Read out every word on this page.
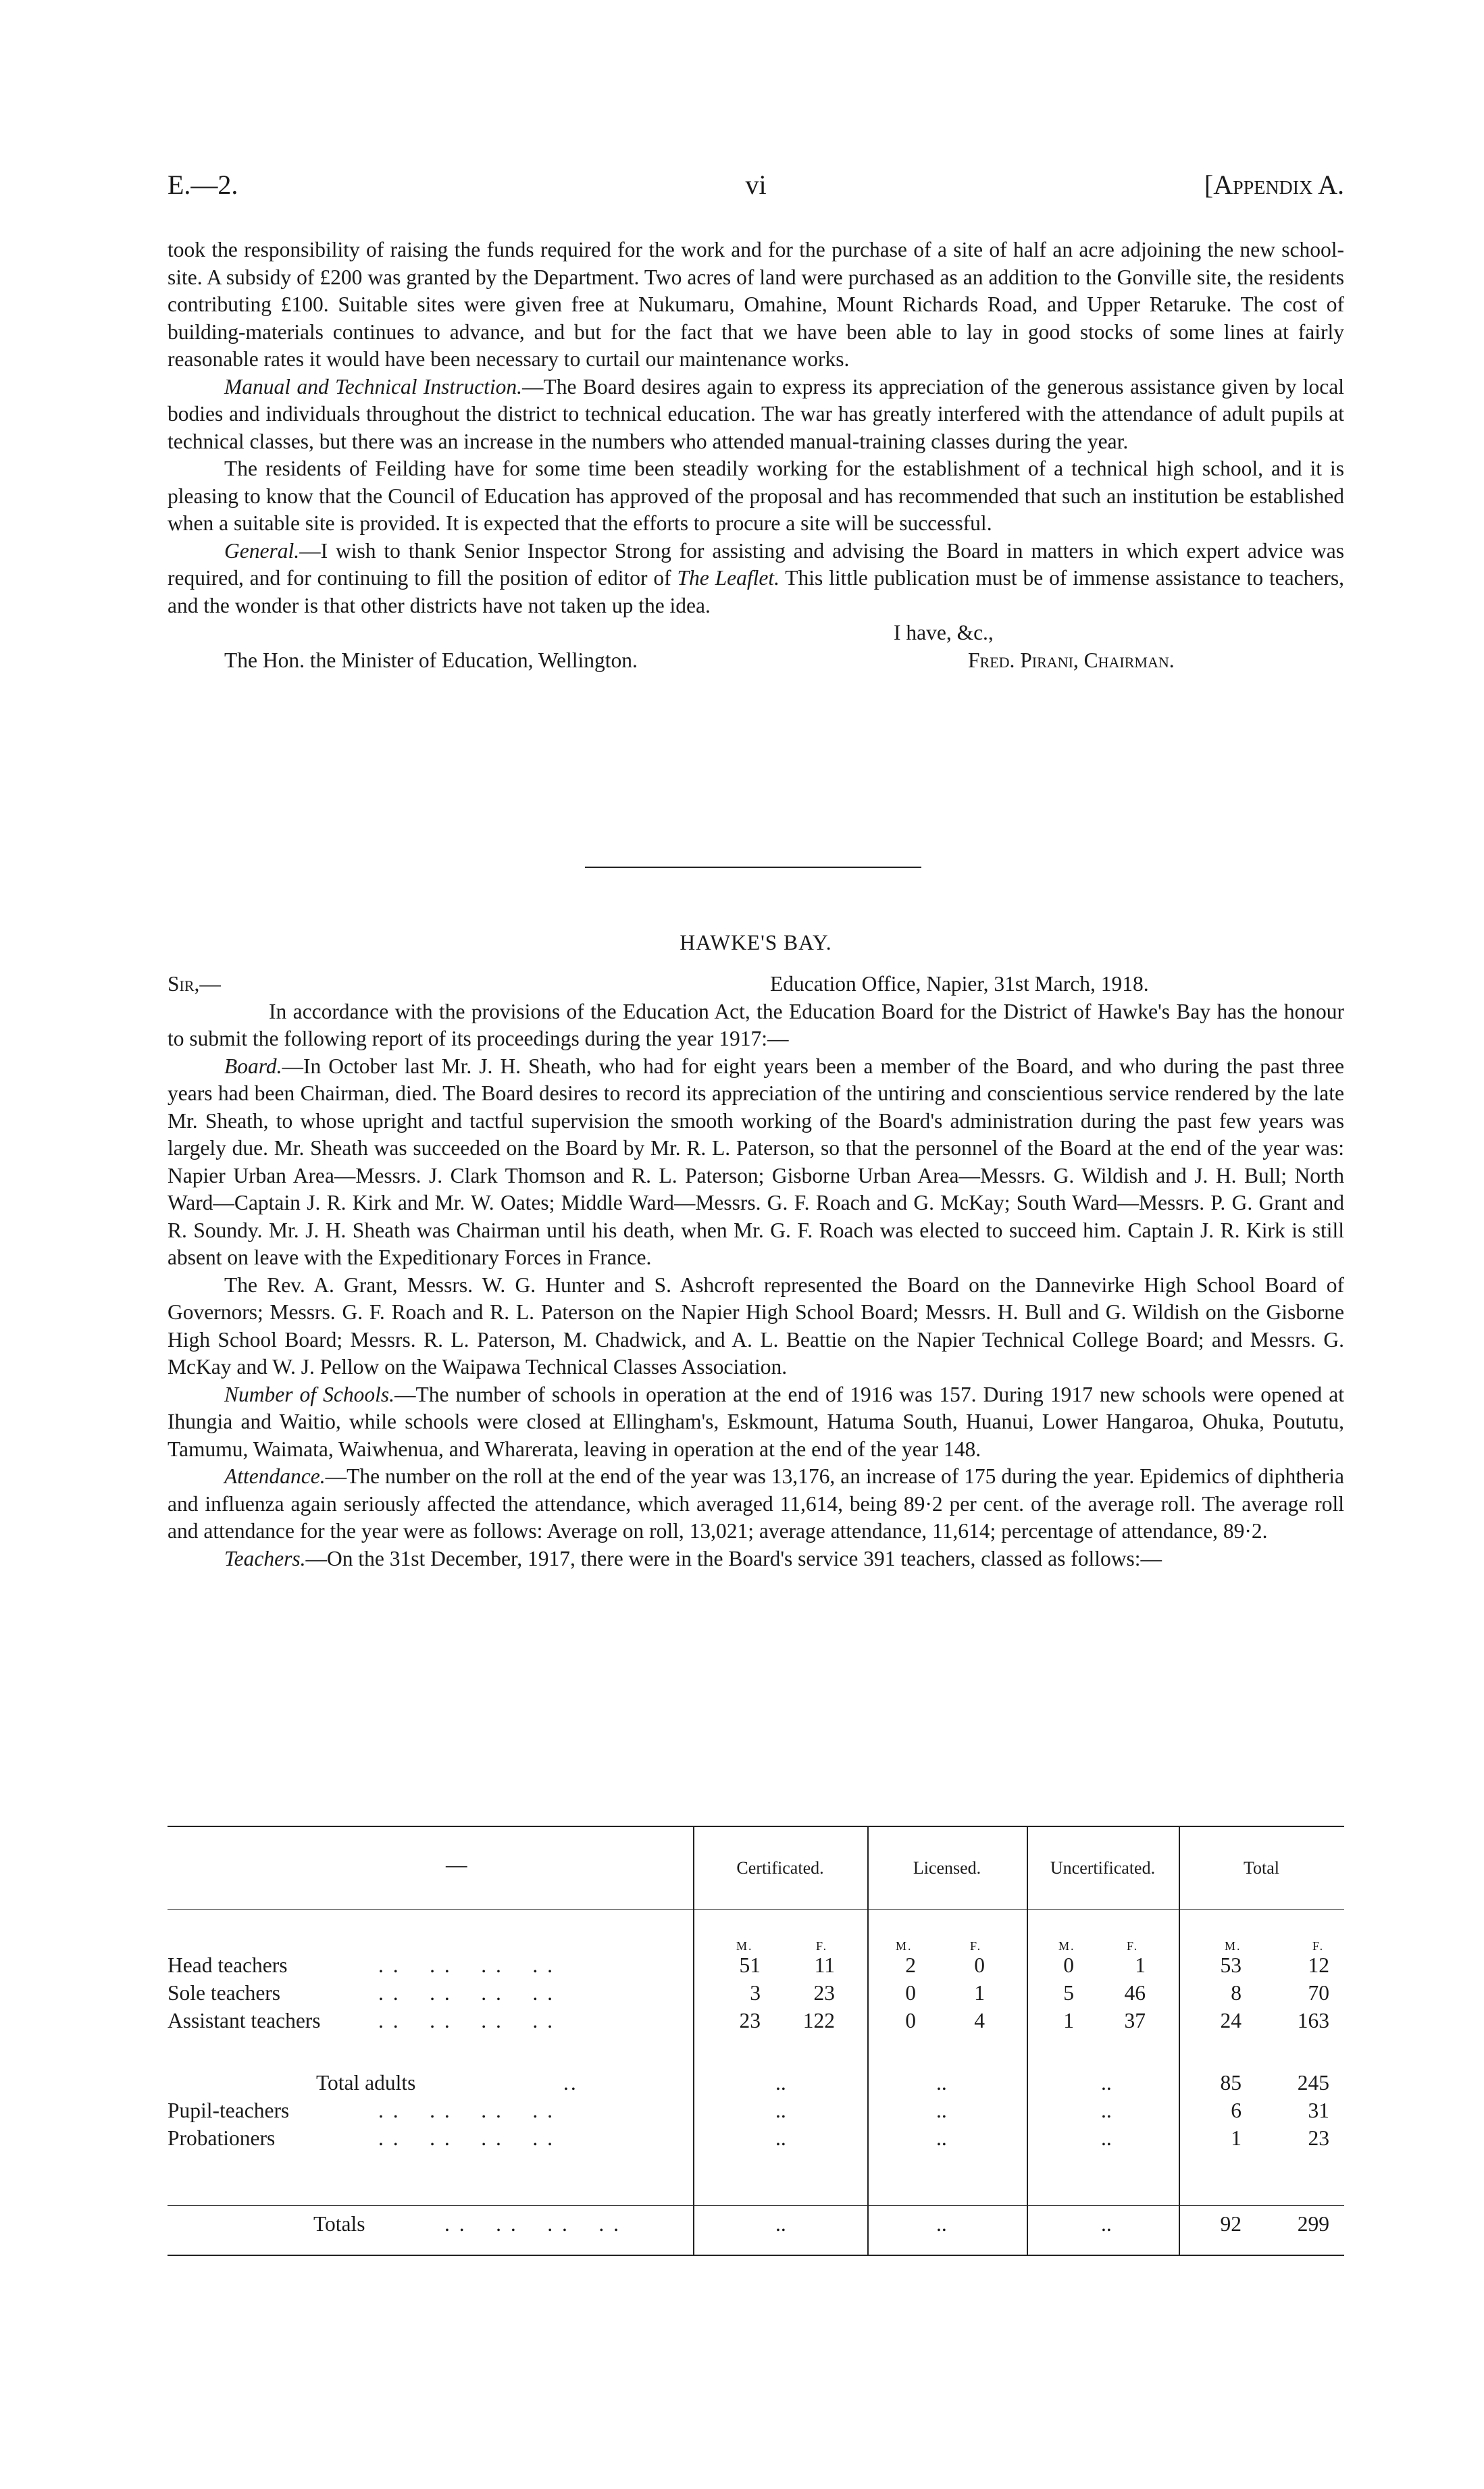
E.—2.	vi	[Appendix A.

took the responsibility of raising the funds required for the work and for the purchase of a site of half an acre adjoining the new school-site. A subsidy of £200 was granted by the Department. Two acres of land were purchased as an addition to the Gonville site, the residents contributing £100. Suitable sites were given free at Nukumaru, Omahine, Mount Richards Road, and Upper Retaruke. The cost of building-materials continues to advance, and but for the fact that we have been able to lay in good stocks of some lines at fairly reasonable rates it would have been necessary to curtail our maintenance works.

Manual and Technical Instruction.—The Board desires again to express its appreciation of the generous assistance given by local bodies and individuals throughout the district to technical education. The war has greatly interfered with the attendance of adult pupils at technical classes, but there was an increase in the numbers who attended manual-training classes during the year.

The residents of Feilding have for some time been steadily working for the establishment of a technical high school, and it is pleasing to know that the Council of Education has approved of the proposal and has recommended that such an institution be established when a suitable site is provided. It is expected that the efforts to procure a site will be successful.

General.—I wish to thank Senior Inspector Strong for assisting and advising the Board in matters in which expert advice was required, and for continuing to fill the position of editor of The Leaflet. This little publication must be of immense assistance to teachers, and the wonder is that other districts have not taken up the idea.

I have, &c.,
The Hon. the Minister of Education, Wellington.	Fred. Pirani, Chairman.
HAWKE'S BAY.
Sir,—	Education Office, Napier, 31st March, 1918.

In accordance with the provisions of the Education Act, the Education Board for the District of Hawke's Bay has the honour to submit the following report of its proceedings during the year 1917:—

Board.—In October last Mr. J. H. Sheath, who had for eight years been a member of the Board, and who during the past three years had been Chairman, died. The Board desires to record its appreciation of the untiring and conscientious service rendered by the late Mr. Sheath, to whose upright and tactful supervision the smooth working of the Board's administration during the past few years was largely due. Mr. Sheath was succeeded on the Board by Mr. R. L. Paterson, so that the personnel of the Board at the end of the year was: Napier Urban Area—Messrs. J. Clark Thomson and R. L. Paterson; Gisborne Urban Area—Messrs. G. Wildish and J. H. Bull; North Ward—Captain J. R. Kirk and Mr. W. Oates; Middle Ward—Messrs. G. F. Roach and G. McKay; South Ward—Messrs. P. G. Grant and R. Soundy. Mr. J. H. Sheath was Chairman until his death, when Mr. G. F. Roach was elected to succeed him. Captain J. R. Kirk is still absent on leave with the Expeditionary Forces in France.

The Rev. A. Grant, Messrs. W. G. Hunter and S. Ashcroft represented the Board on the Dannevirke High School Board of Governors; Messrs. G. F. Roach and R. L. Paterson on the Napier High School Board; Messrs. H. Bull and G. Wildish on the Gisborne High School Board; Messrs. R. L. Paterson, M. Chadwick, and A. L. Beattie on the Napier Technical College Board; and Messrs. G. McKay and W. J. Pellow on the Waipawa Technical Classes Association.

Number of Schools.—The number of schools in operation at the end of 1916 was 157. During 1917 new schools were opened at Ihungia and Waitio, while schools were closed at Ellingham's, Eskmount, Hatuma South, Huanui, Lower Hangaroa, Ohuka, Poututu, Tamumu, Waimata, Waiwhenua, and Wharerata, leaving in operation at the end of the year 148.

Attendance.—The number on the roll at the end of the year was 13,176, an increase of 175 during the year. Epidemics of diphtheria and influenza again seriously affected the attendance, which averaged 11,614, being 89·2 per cent. of the average roll. The average roll and attendance for the year were as follows: Average on roll, 13,021; average attendance, 11,614; percentage of attendance, 89·2.

Teachers.—On the 31st December, 1917, there were in the Board's service 391 teachers, classed as follows:—

—	Certificated.	Licensed.	Uncertificated.	Total
M.	F.	M.	F.	M.	F.	M.	F.
Head teachers	. .    . .    . .    . .	51	11	2	0	0	1	53	12
Sole teachers	. .    . .    . .    . .	3	23	0	1	5	46	8	70
Assistant teachers	. .    . .    . .    . .	23	122	0	4	1	37	24	163
Total adults	..	..	..	..	85	245
Pupil-teachers	. .    . .    . .    . .	..	..	..	6	31
Probationers	. .    . .    . .    . .	..	..	..	1	23
Totals	. .    . .    . .    . .	..	..	..	92	299
